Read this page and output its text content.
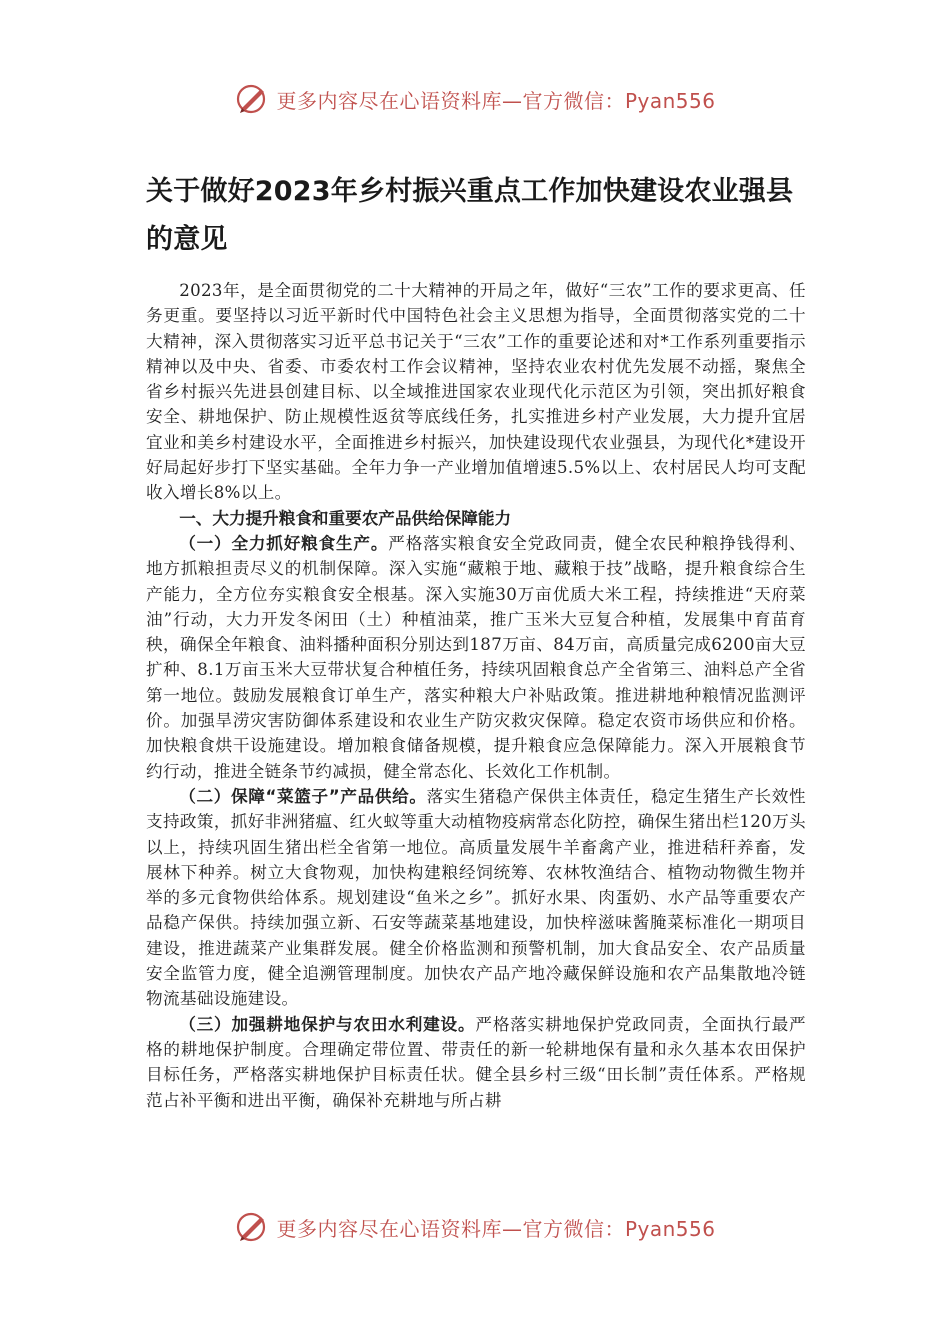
更多内容尽在心语资料库—官方微信：Pyan556
关于做好2023年乡村振兴重点工作加快建设农业强县的意见

2023年，是全面贯彻党的二十大精神的开局之年，做好“三农”工作的要求更高、任务更重。要坚持以习近平新时代中国特色社会主义思想为指导，全面贯彻落实党的二十大精神，深入贯彻落实习近平总书记关于“三农”工作的重要论述和对*工作系列重要指示精神以及中央、省委、市委农村工作会议精神，坚持农业农村优先发展不动摇，聚焦全省乡村振兴先进县创建目标、以全域推进国家农业现代化示范区为引领，突出抓好粮食安全、耕地保护、防止规模性返贫等底线任务，扎实推进乡村产业发展，大力提升宜居宜业和美乡村建设水平，全面推进乡村振兴，加快建设现代农业强县，为现代化*建设开好局起好步打下坚实基础。全年力争一产业增加值增速5.5%以上、农村居民人均可支配收入增长8%以上。

一、大力提升粮食和重要农产品供给保障能力

（一）全力抓好粮食生产。严格落实粮食安全党政同责，健全农民种粮挣钱得利、地方抓粮担责尽义的机制保障。深入实施“藏粮于地、藏粮于技”战略，提升粮食综合生产能力，全方位夯实粮食安全根基。深入实施30万亩优质大米工程，持续推进“天府菜油”行动，大力开发冬闲田（土）种植油菜，推广玉米大豆复合种植，发展集中育苗育秧，确保全年粮食、油料播种面积分别达到187万亩、84万亩，高质量完成6200亩大豆扩种、8.1万亩玉米大豆带状复合种植任务，持续巩固粮食总产全省第三、油料总产全省第一地位。鼓励发展粮食订单生产，落实种粮大户补贴政策。推进耕地种粮情况监测评价。加强旱涝灾害防御体系建设和农业生产防灾救灾保障。稳定农资市场供应和价格。加快粮食烘干设施建设。增加粮食储备规模，提升粮食应急保障能力。深入开展粮食节约行动，推进全链条节约减损，健全常态化、长效化工作机制。

（二）保障“菜篮子”产品供给。落实生猪稳产保供主体责任，稳定生猪生产长效性支持政策，抓好非洲猪瘟、红火蚁等重大动植物疫病常态化防控，确保生猪出栏120万头以上，持续巩固生猪出栏全省第一地位。高质量发展牛羊畜禽产业，推进秸秆养畜，发展林下种养。树立大食物观，加快构建粮经饲统筹、农林牧渔结合、植物动物微生物并举的多元食物供给体系。规划建设“鱼米之乡”。抓好水果、肉蛋奶、水产品等重要农产品稳产保供。持续加强立新、石安等蔬菜基地建设，加快梓滋味酱腌菜标准化一期项目建设，推进蔬菜产业集群发展。健全价格监测和预警机制，加大食品安全、农产品质量安全监管力度，健全追溯管理制度。加快农产品产地冷藏保鲜设施和农产品集散地冷链物流基础设施建设。

（三）加强耕地保护与农田水利建设。严格落实耕地保护党政同责，全面执行最严格的耕地保护制度。合理确定带位置、带责任的新一轮耕地保有量和永久基本农田保护目标任务，严格落实耕地保护目标责任状。健全县乡村三级“田长制”责任体系。严格规范占补平衡和进出平衡，确保补充耕地与所占耕

更多内容尽在心语资料库—官方微信：Pyan556
